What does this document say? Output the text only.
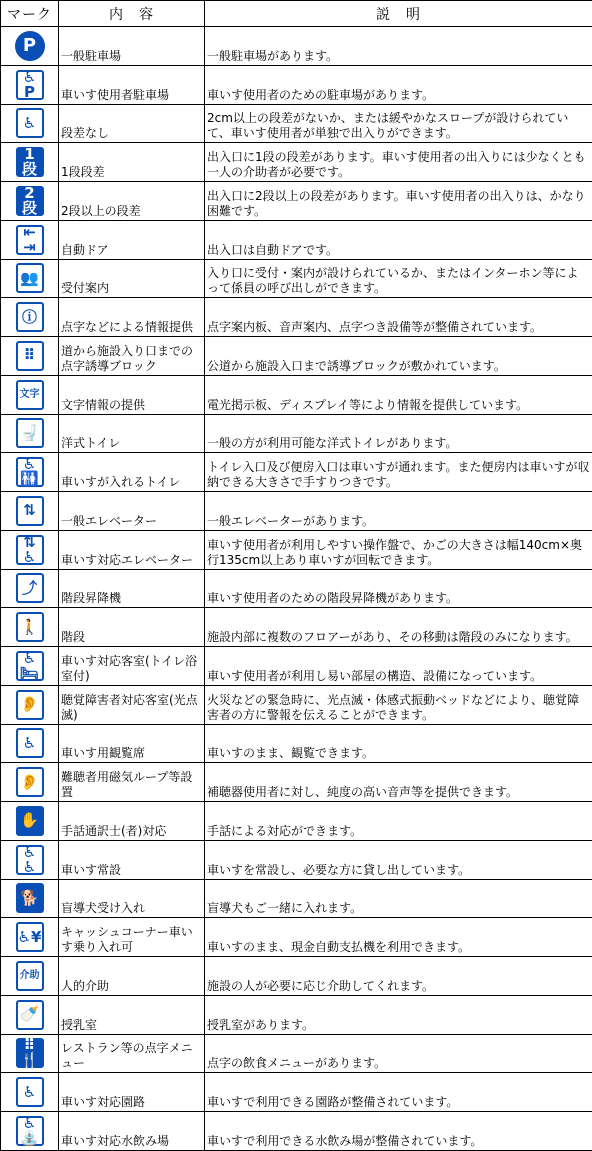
マーク	内　容	説　明
P	一般駐車場	一般駐車場があります。
♿P	車いす使用者駐車場	車いす使用者のための駐車場があります。
♿	段差なし	2cm以上の段差がないか、または緩やかなスロープが設けられていて、車いす使用者が単独で出入りができます。
1段	1段段差	出入口に1段の段差があります。車いす使用者の出入りには少なくとも一人の介助者が必要です。
2段	2段以上の段差	出入口に2段以上の段差があります。車いす使用者の出入りは、かなり困難です。
⇤⇥	自動ドア	出入口は自動ドアです。
👥	受付案内	入り口に受付・案内が設けられているか、またはインターホン等によって係員の呼び出しができます。
ⓘ	点字などによる情報提供	点字案内板、音声案内、点字つき設備等が整備されています。
⠿	道から施設入り口までの点字誘導ブロック	公道から施設入口まで誘導ブロックが敷かれています。
文字	文字情報の提供	電光掲示板、ディスプレイ等により情報を提供しています。
🚽	洋式トイレ	一般の方が利用可能な洋式トイレがあります。
♿🚻	車いすが入れるトイレ	トイレ入口及び便房入口は車いすが通れます。また便房内は車いすが収納できる大きさで手すりつきです。
⇅	一般エレベーター	一般エレベーターがあります。
⇅♿	車いす対応エレベーター	車いす使用者が利用しやすい操作盤で、かごの大きさは幅140cm×奥行135cm以上あり車いすが回転できます。
⤴	階段昇降機	車いす使用者のための階段昇降機があります。
🚶	階段	施設内部に複数のフロアーがあり、その移動は階段のみになります。
♿🛏	車いす対応客室(トイレ浴室付)	車いす使用者が利用し易い部屋の構造、設備になっています。
👂	聴覚障害者対応客室(光点滅)	火災などの緊急時に、光点滅・体感式振動ベッドなどにより、聴覚障害者の方に警報を伝えることができます。
♿	車いす用観覧席	車いすのまま、観覧できます。
👂	難聴者用磁気ループ等設置	補聴器使用者に対し、純度の高い音声等を提供できます。
✋	手話通訳士(者)対応	手話による対応ができます。
♿♿	車いす常設	車いすを常設し、必要な方に貸し出しています。
🐕	盲導犬受け入れ	盲導犬もご一緒に入れます。
♿¥	キャッシュコーナー車いす乗り入れ可	車いすのまま、現金自動支払機を利用できます。
介助	人的介助	施設の人が必要に応じ介助してくれます。
🍼	授乳室	授乳室があります。
⠿🍴	レストラン等の点字メニュー	点字の飲食メニューがあります。
♿	車いす対応園路	車いすで利用できる園路が整備されています。
♿⛲	車いす対応水飲み場	車いすで利用できる水飲み場が整備されています。
